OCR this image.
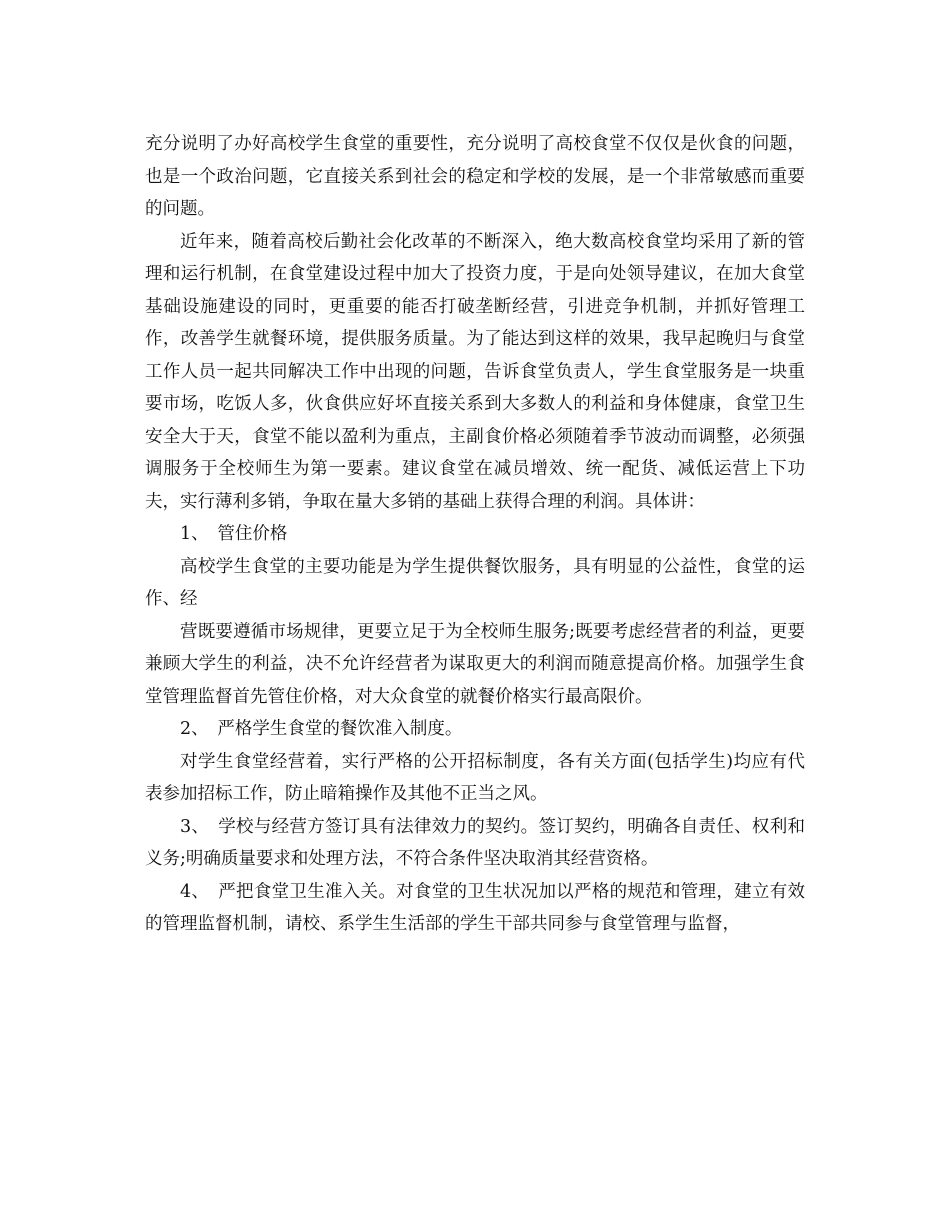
充分说明了办好高校学生食堂的重要性，充分说明了高校食堂不仅仅是伙食的问题，也是一个政治问题，它直接关系到社会的稳定和学校的发展，是一个非常敏感而重要的问题。

近年来，随着高校后勤社会化改革的不断深入，绝大数高校食堂均采用了新的管理和运行机制，在食堂建设过程中加大了投资力度，于是向处领导建议，在加大食堂基础设施建设的同时，更重要的能否打破垄断经营，引进竞争机制，并抓好管理工作，改善学生就餐环境，提供服务质量。为了能达到这样的效果，我早起晚归与食堂工作人员一起共同解决工作中出现的问题，告诉食堂负责人，学生食堂服务是一块重要市场，吃饭人多，伙食供应好坏直接关系到大多数人的利益和身体健康，食堂卫生安全大于天，食堂不能以盈利为重点，主副食价格必须随着季节波动而调整，必须强调服务于全校师生为第一要素。建议食堂在减员增效、统一配货、减低运营上下功夫，实行薄利多销，争取在量大多销的基础上获得合理的利润。具体讲：

1、　管住价格

高校学生食堂的主要功能是为学生提供餐饮服务，具有明显的公益性，食堂的运作、经

营既要遵循市场规律，更要立足于为全校师生服务;既要考虑经营者的利益，更要兼顾大学生的利益，决不允许经营者为谋取更大的利润而随意提高价格。加强学生食堂管理监督首先管住价格，对大众食堂的就餐价格实行最高限价。

2、　严格学生食堂的餐饮准入制度。

对学生食堂经营着，实行严格的公开招标制度，各有关方面(包括学生)均应有代表参加招标工作，防止暗箱操作及其他不正当之风。

3、　学校与经营方签订具有法律效力的契约。签订契约，明确各自责任、权利和义务;明确质量要求和处理方法，不符合条件坚决取消其经营资格。

4、　严把食堂卫生准入关。对食堂的卫生状况加以严格的规范和管理，建立有效的管理监督机制，请校、系学生生活部的学生干部共同参与食堂管理与监督，
